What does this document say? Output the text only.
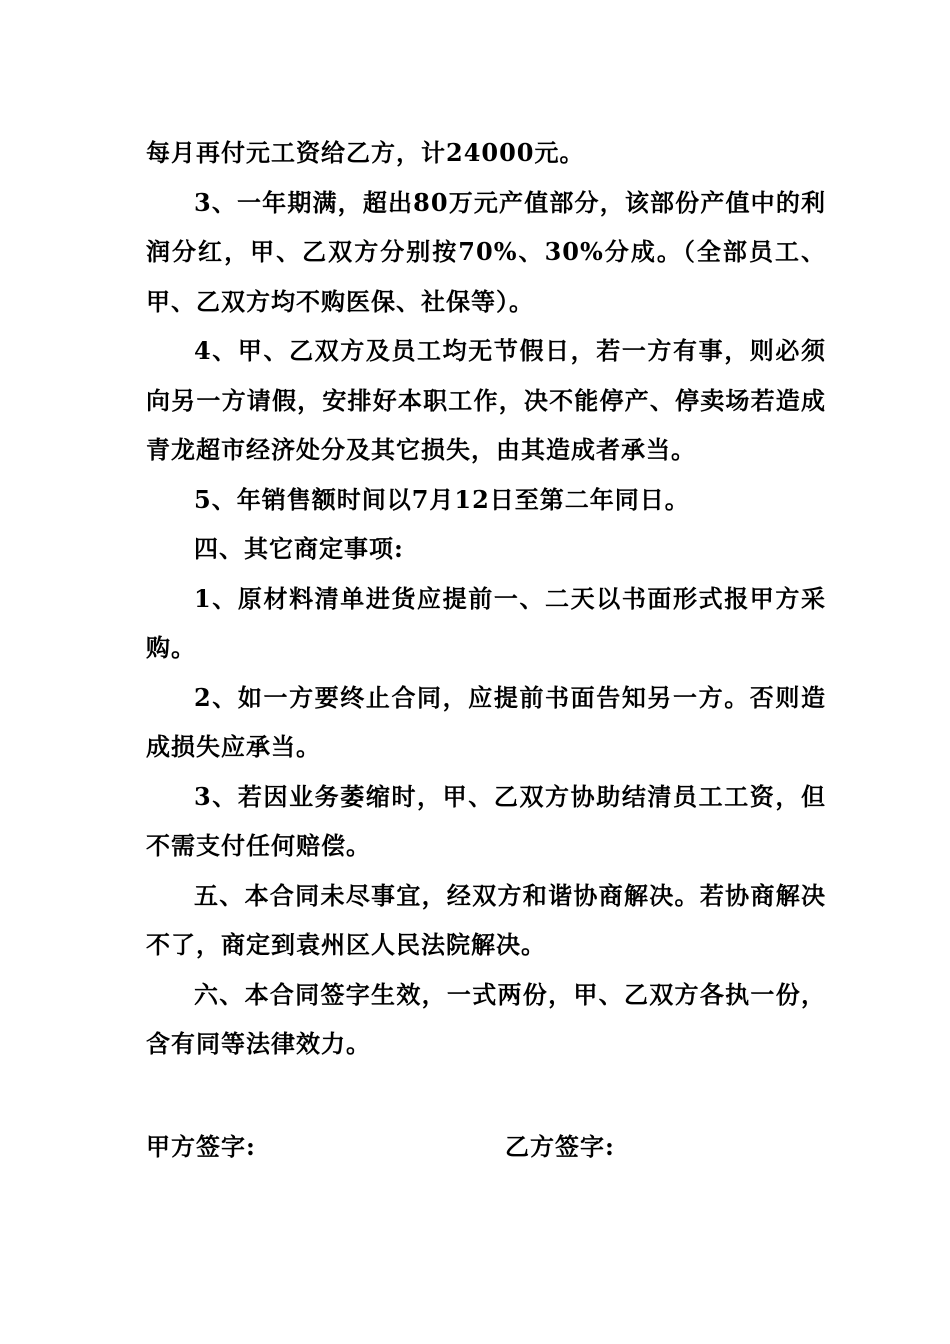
每月再付元工资给乙方，计24000元。

3、一年期满，超出80万元产值部分，该部份产值中的利润分红，甲、乙双方分别按70%、30%分成。（全部员工、甲、乙双方均不购医保、社保等）。

4、甲、乙双方及员工均无节假日，若一方有事，则必须向另一方请假，安排好本职工作，决不能停产、停卖场若造成青龙超市经济处分及其它损失，由其造成者承当。

5、年销售额时间以7月12日至第二年同日。

四、其它商定事项:

1、原材料清单进货应提前一、二天以书面形式报甲方采购。

2、如一方要终止合同，应提前书面告知另一方。否则造成损失应承当。

3、若因业务萎缩时，甲、乙双方协助结清员工工资，但不需支付任何赔偿。

五、本合同未尽事宜，经双方和谐协商解决。若协商解决不了，商定到袁州区人民法院解决。

六、本合同签字生效，一式两份，甲、乙双方各执一份，含有同等法律效力。

甲方签字:	乙方签字:
